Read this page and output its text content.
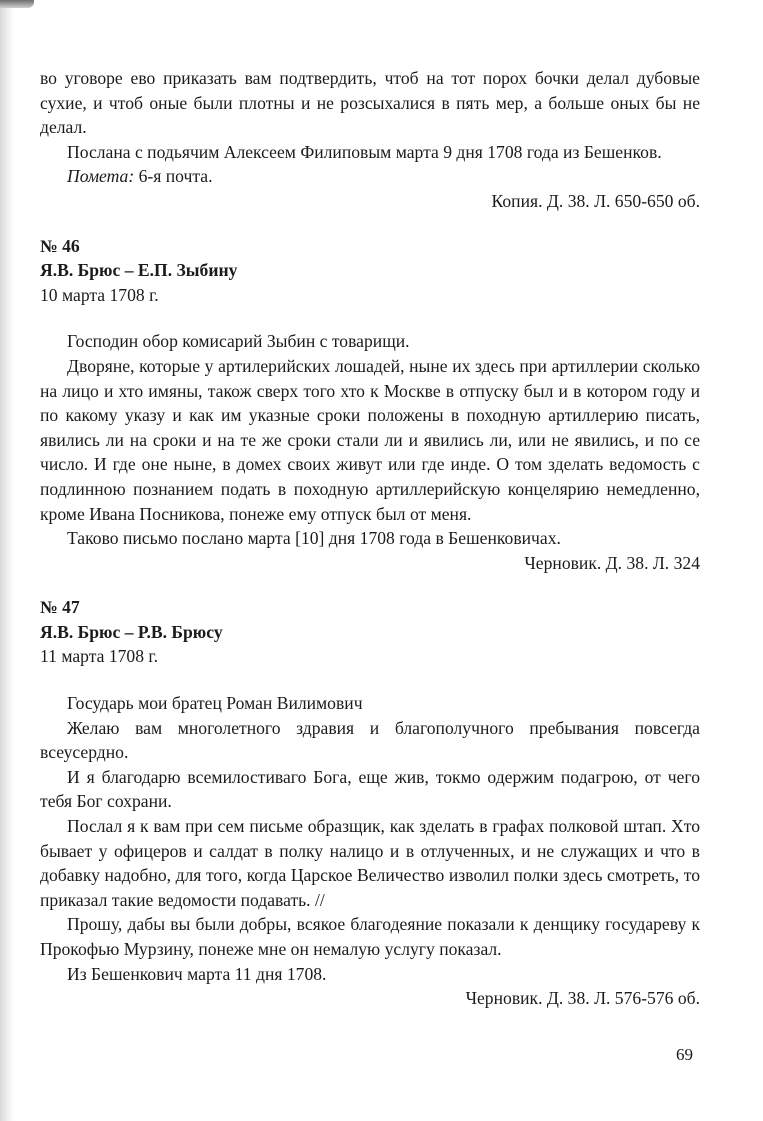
во уговоре ево приказать вам подтвердить, чтоб на тот порох бочки делал дубовые сухие, и чтоб оные были плотны и не розсыхалися в пять мер, а больше оных бы не делал.

Послана с подьячим Алексеем Филиповым марта 9 дня 1708 года из Бешенков.

Помета: 6-я почта.

Копия. Д. 38. Л. 650-650 об.

№ 46

Я.В. Брюс – Е.П. Зыбину

10 марта 1708 г.

Господин обор комисарий Зыбин с товарищи.

Дворяне, которые у артилерийских лошадей, ныне их здесь при артиллерии сколько на лицо и хто имяны, також сверх того хто к Москве в отпуску был и в котором году и по какому указу и как им указные сроки положены в походную артиллерию писать, явились ли на сроки и на те же сроки стали ли и явились ли, или не явились, и по се число. И где оне ныне, в домех своих живут или где инде. О том зделать ведомость с подлинною познанием подать в походную артиллерийскую концелярию немедленно, кроме Ивана Посникова, понеже ему отпуск был от меня.

Таково письмо послано марта [10] дня 1708 года в Бешенковичах.

Черновик. Д. 38. Л. 324

№ 47

Я.В. Брюс – Р.В. Брюсу

11 марта 1708 г.

Государь мои братец Роман Вилимович

Желаю вам многолетного здравия и благополучного пребывания повсегда всеусердно.

И я благодарю всемилостиваго Бога, еще жив, токмо одержим подагрою, от чего тебя Бог сохрани.

Послал я к вам при сем письме образщик, как зделать в графах полковой штап. Хто бывает у офицеров и салдат в полку налицо и в отлученных, и не служащих и что в добавку надобно, для того, когда Царское Величество изволил полки здесь смотреть, то приказал такие ведомости подавать. //

Прошу, дабы вы были добры, всякое благодеяние показали к денщику государеву к Прокофью Мурзину, понеже мне он немалую услугу показал.

Из Бешенкович марта 11 дня 1708.

Черновик. Д. 38. Л. 576-576 об.

69
